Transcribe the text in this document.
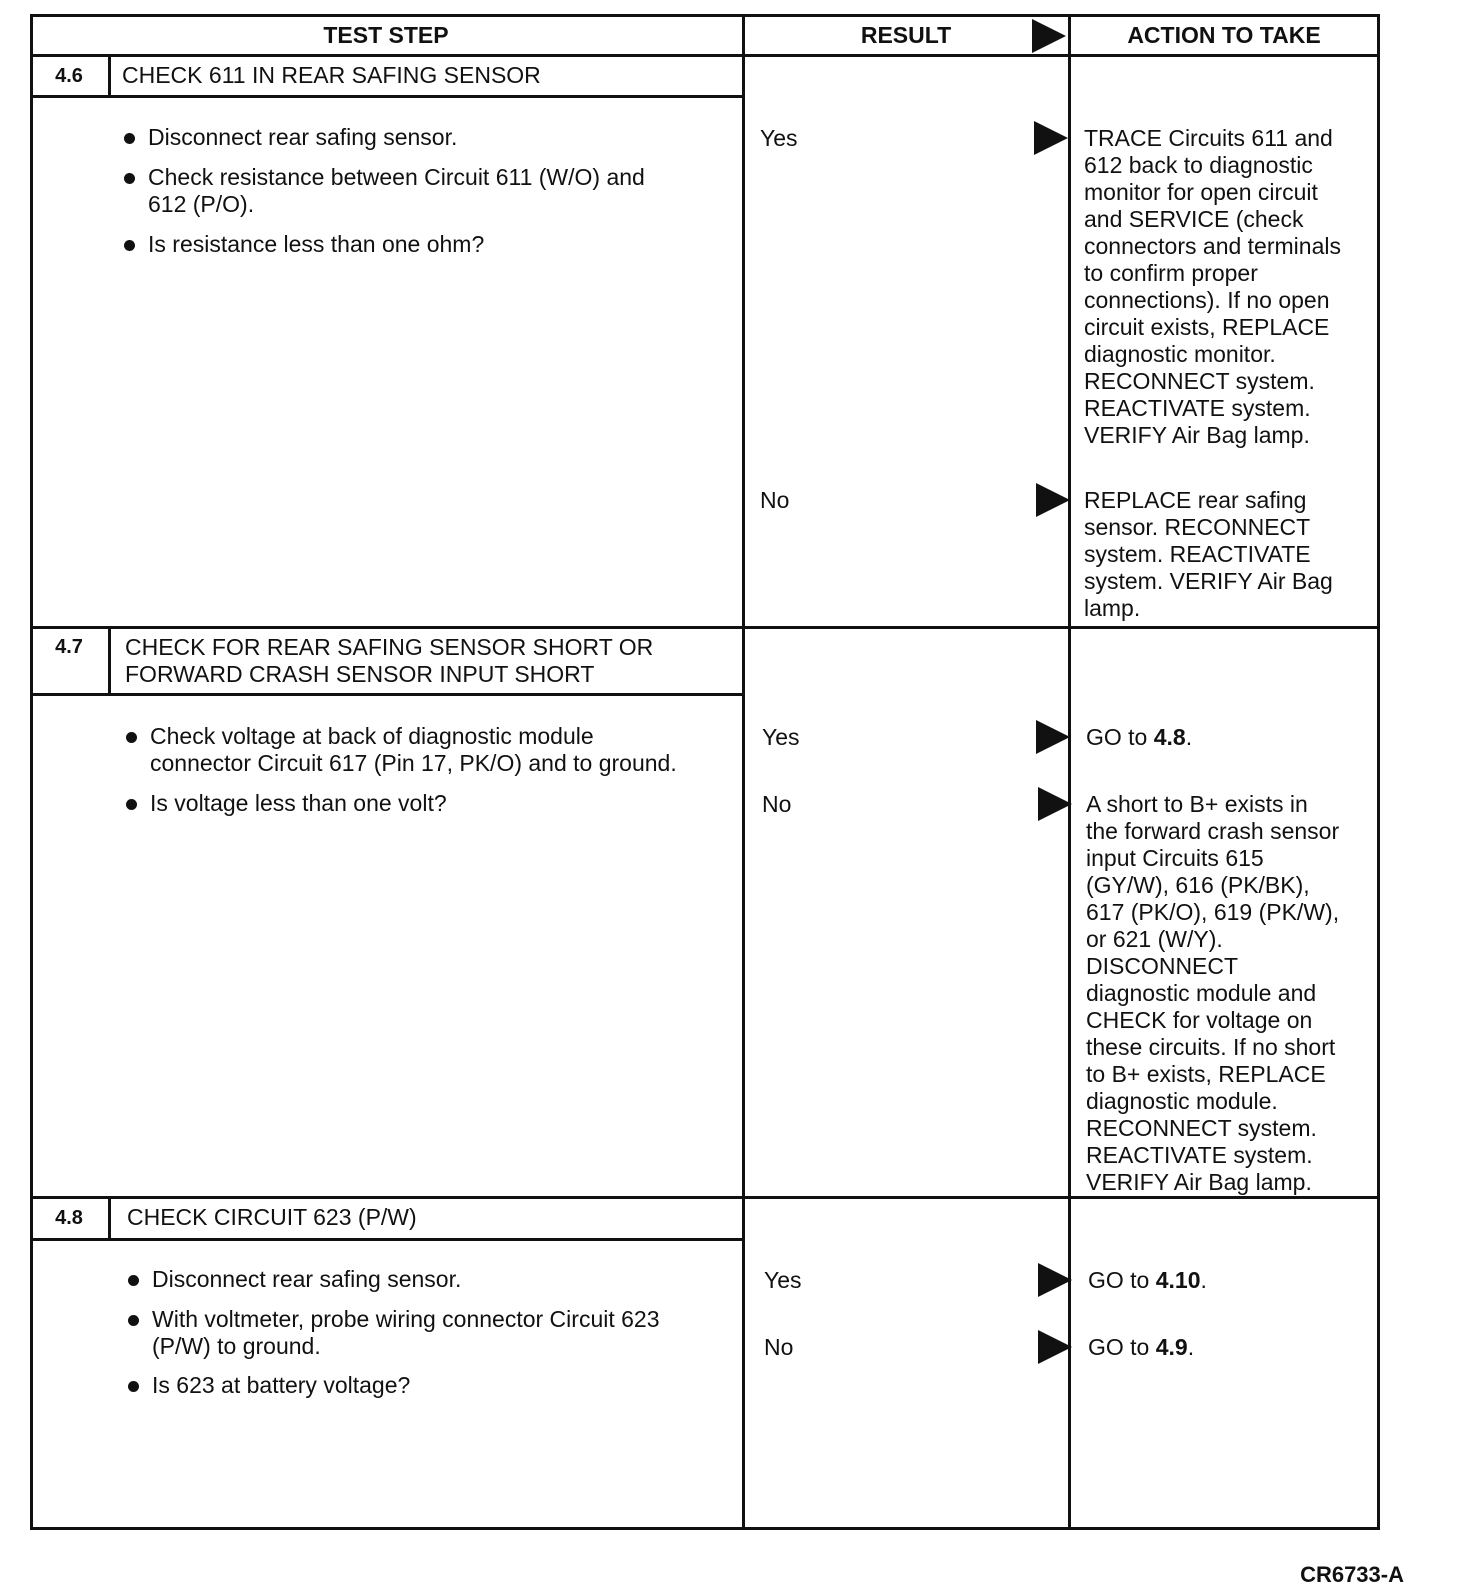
TEST STEP	RESULT	ACTION TO TAKE
4.6	CHECK 611 IN REAR SAFING SENSOR
Disconnect rear safing sensor.
Check resistance between Circuit 611 (W/O) and
612 (P/O).
Is resistance less than one ohm?
Yes	TRACE Circuits 611 and
612 back to diagnostic
monitor for open circuit
and SERVICE (check
connectors and terminals
to confirm proper
connections). If no open
circuit exists, REPLACE
diagnostic monitor.
RECONNECT system.
REACTIVATE system.
VERIFY Air Bag lamp.
No	REPLACE rear safing
sensor. RECONNECT
system. REACTIVATE
system. VERIFY Air Bag
lamp.
4.7	CHECK FOR REAR SAFING SENSOR SHORT OR
FORWARD CRASH SENSOR INPUT SHORT
Check voltage at back of diagnostic module
connector Circuit 617 (Pin 17, PK/O) and to ground.
Is voltage less than one volt?
Yes	GO to 4.8.
No	A short to B+ exists in
the forward crash sensor
input Circuits 615
(GY/W), 616 (PK/BK),
617 (PK/O), 619 (PK/W),
or 621 (W/Y).
DISCONNECT
diagnostic module and
CHECK for voltage on
these circuits. If no short
to B+ exists, REPLACE
diagnostic module.
RECONNECT system.
REACTIVATE system.
VERIFY Air Bag lamp.
4.8	CHECK CIRCUIT 623 (P/W)
Disconnect rear safing sensor.
With voltmeter, probe wiring connector Circuit 623
(P/W) to ground.
Is 623 at battery voltage?
Yes	GO to 4.10.
No	GO to 4.9.
CR6733-A
